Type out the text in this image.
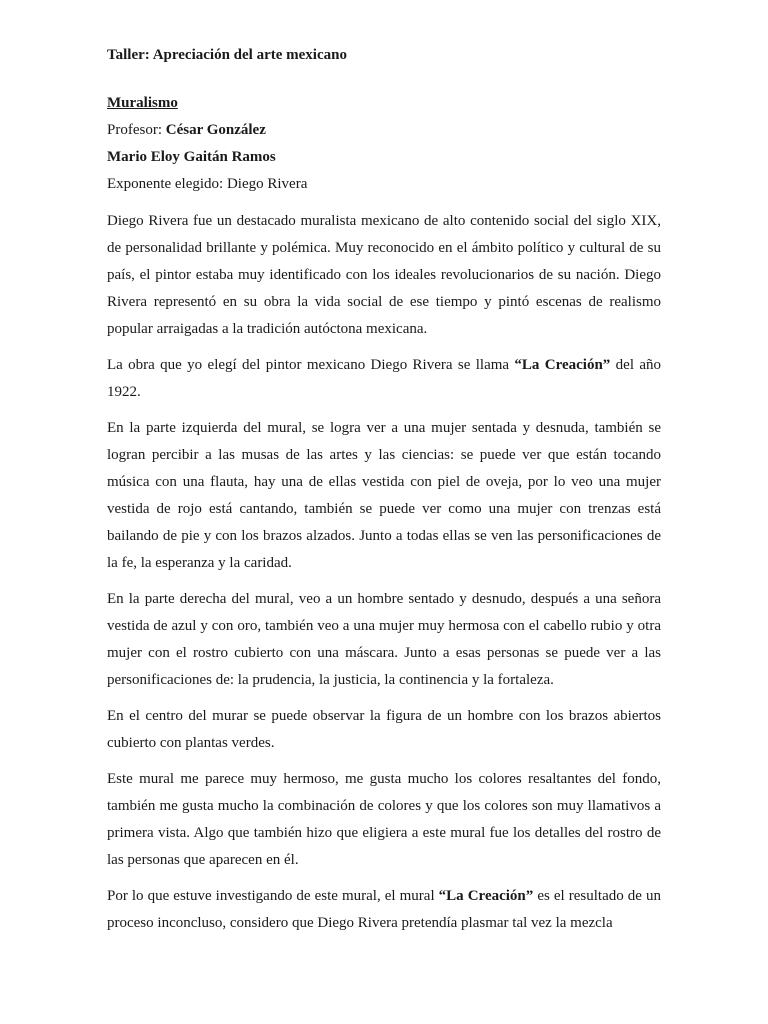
Taller: Apreciación del arte mexicano
Muralismo
Profesor: César González
Mario Eloy Gaitán Ramos
Exponente elegido: Diego Rivera

Diego Rivera fue un destacado muralista mexicano de alto contenido social del siglo XIX, de personalidad brillante y polémica. Muy reconocido en el ámbito político y cultural de su país, el pintor estaba muy identificado con los ideales revolucionarios de su nación. Diego Rivera representó en su obra la vida social de ese tiempo y pintó escenas de realismo popular arraigadas a la tradición autóctona mexicana.

La obra que yo elegí del pintor mexicano Diego Rivera se llama “La Creación” del año 1922.

En la parte izquierda del mural, se logra ver a una mujer sentada y desnuda, también se logran percibir a las musas de las artes y las ciencias: se puede ver que están tocando música con una flauta, hay una de ellas vestida con piel de oveja, por lo veo una mujer vestida de rojo está cantando, también se puede ver como una mujer con trenzas está bailando de pie y con los brazos alzados. Junto a todas ellas se ven las personificaciones de la fe, la esperanza y la caridad.

En la parte derecha del mural, veo a un hombre sentado y desnudo, después a una señora vestida de azul y con oro, también veo a una mujer muy hermosa con el cabello rubio y otra mujer con el rostro cubierto con una máscara. Junto a esas personas se puede ver a las personificaciones de: la prudencia, la justicia, la continencia y la fortaleza.

En el centro del murar se puede observar la figura de un hombre con los brazos abiertos cubierto con plantas verdes.

Este mural me parece muy hermoso, me gusta mucho los colores resaltantes del fondo, también me gusta mucho la combinación de colores y que los colores son muy llamativos a primera vista. Algo que también hizo que eligiera a este mural fue los detalles del rostro de las personas que aparecen en él.

Por lo que estuve investigando de este mural, el mural “La Creación” es el resultado de un proceso inconcluso, considero que Diego Rivera pretendía plasmar tal vez la mezcla
